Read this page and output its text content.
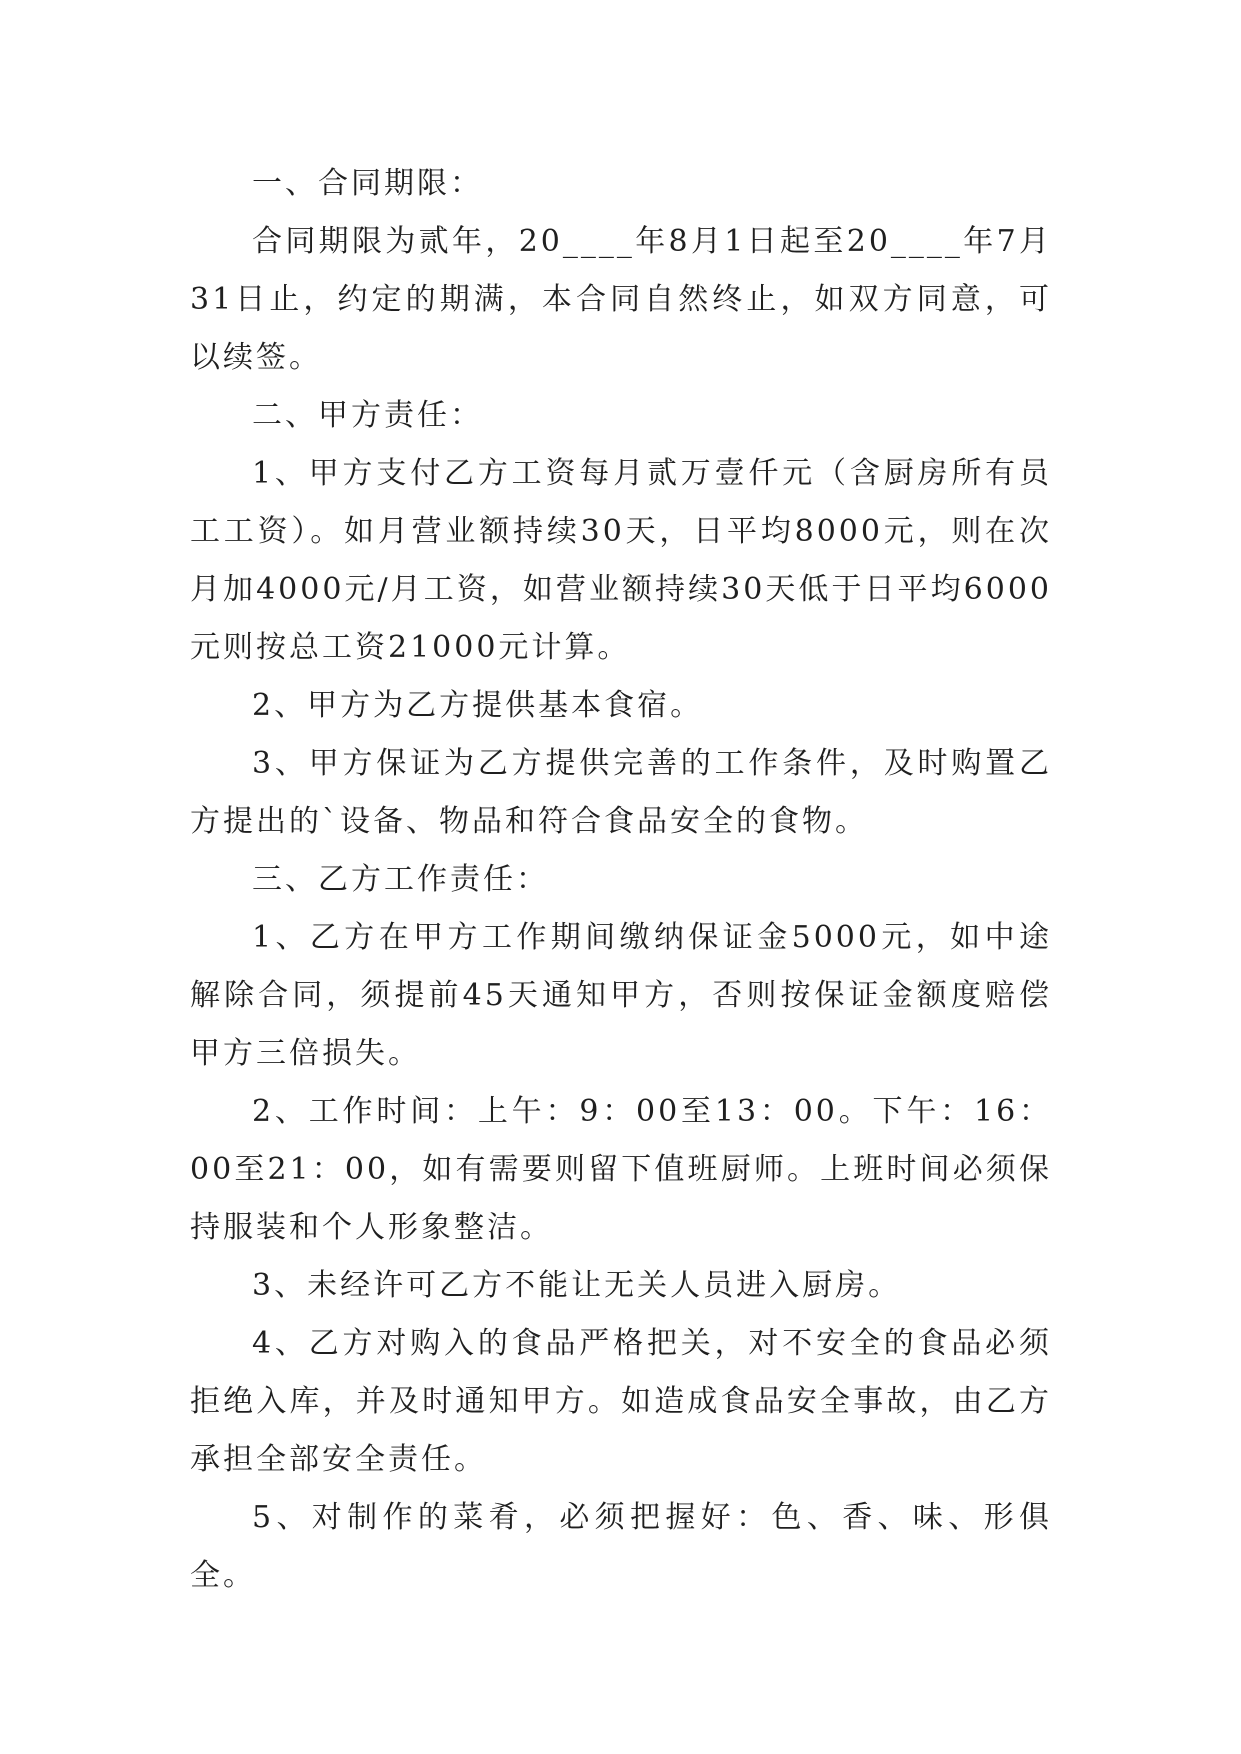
一、合同期限：

合同期限为贰年，20____年8月1日起至20____年7月31日止，约定的期满，本合同自然终止，如双方同意，可以续签。

二、甲方责任：

1、甲方支付乙方工资每月贰万壹仟元（含厨房所有员工工资）。如月营业额持续30天，日平均8000元，则在次月加4000元/月工资，如营业额持续30天低于日平均6000元则按总工资21000元计算。

2、甲方为乙方提供基本食宿。

3、甲方保证为乙方提供完善的工作条件，及时购置乙方提出的`设备、物品和符合食品安全的食物。

三、乙方工作责任：

1、乙方在甲方工作期间缴纳保证金5000元，如中途解除合同，须提前45天通知甲方，否则按保证金额度赔偿甲方三倍损失。

2、工作时间：上午：9：00至13：00。下午：16：00至21：00，如有需要则留下值班厨师。上班时间必须保持服装和个人形象整洁。

3、未经许可乙方不能让无关人员进入厨房。

4、乙方对购入的食品严格把关，对不安全的食品必须拒绝入库，并及时通知甲方。如造成食品安全事故，由乙方承担全部安全责任。

5、对制作的菜肴，必须把握好：色、香、味、形俱全。
